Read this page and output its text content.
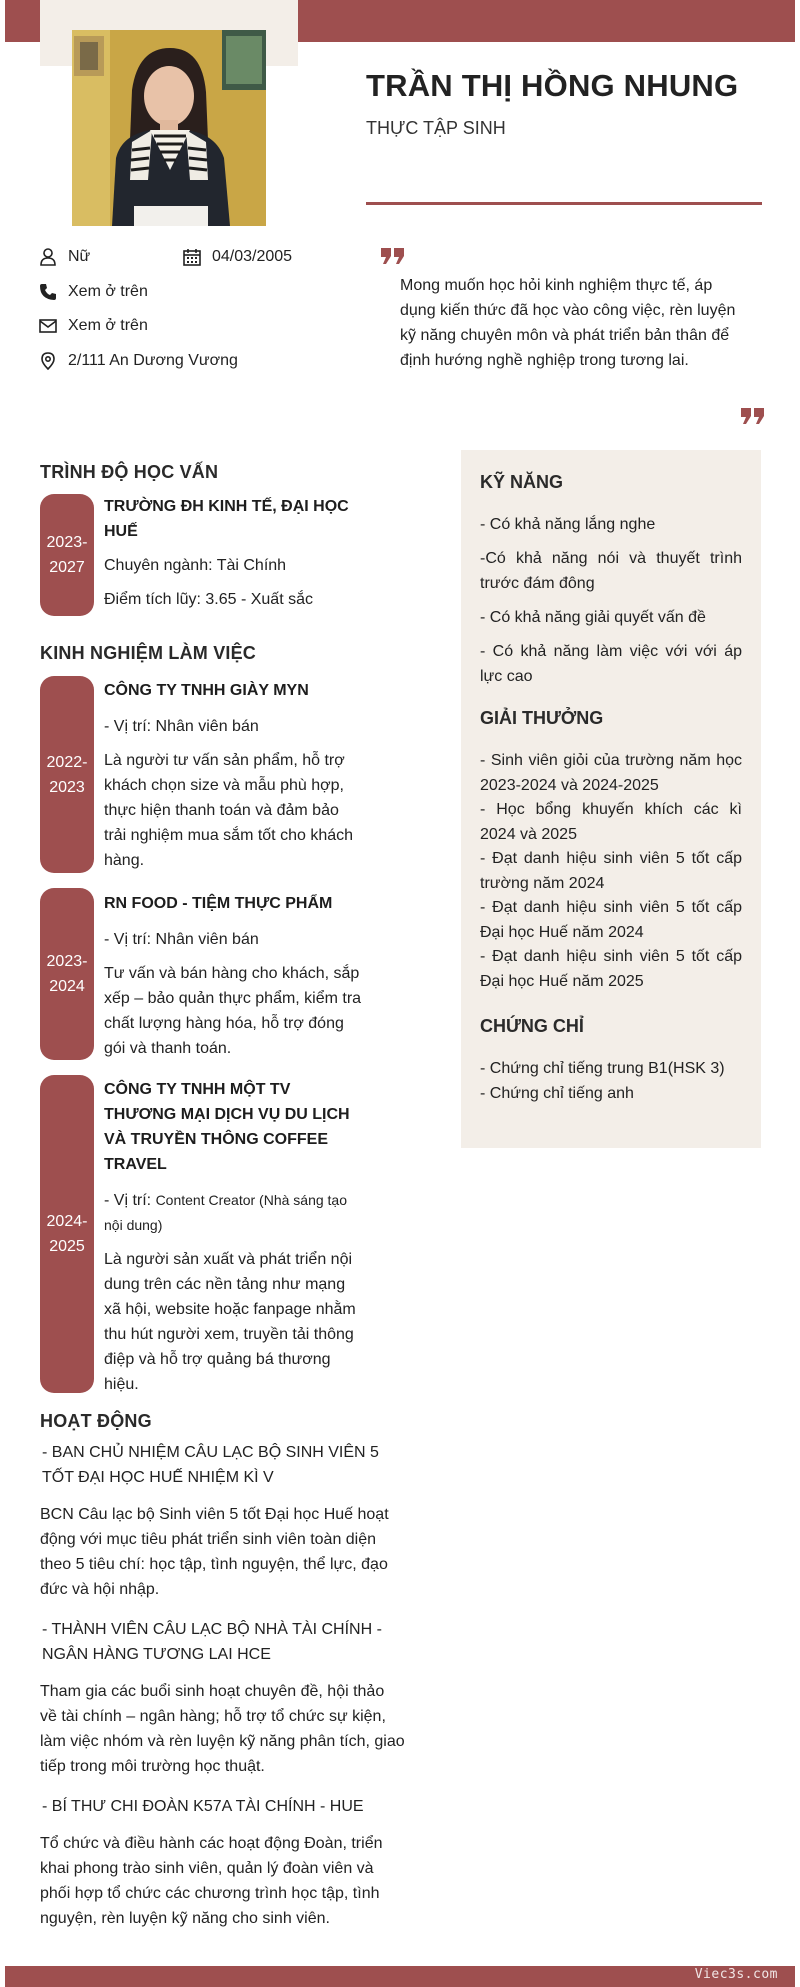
Viec3s.com
TRẦN THỊ HỒNG NHUNG
THỰC TẬP SINH
Nữ	04/03/2005
Xem ở trên
Xem ở trên
2/111 An Dương Vương
Mong muốn học hỏi kinh nghiệm thực tế, áp dụng kiến thức đã học vào công việc, rèn luyện kỹ năng chuyên môn và phát triển bản thân để định hướng nghề nghiệp trong tương lai.
TRÌNH ĐỘ HỌC VẤN
2023-
2027

TRƯỜNG ĐH KINH TẾ, ĐẠI HỌC HUẾ

Chuyên ngành: Tài Chính

Điểm tích lũy: 3.65 - Xuất sắc

KINH NGHIỆM LÀM VIỆC
2022-
2023

CÔNG TY TNHH GIÀY MYN

- Vị trí: Nhân viên bán

Là người tư vấn sản phẩm, hỗ trợ khách chọn size và mẫu phù hợp, thực hiện thanh toán và đảm bảo trải nghiệm mua sắm tốt cho khách hàng.

2023-
2024

RN FOOD - TIỆM THỰC PHẨM

- Vị trí: Nhân viên bán

Tư vấn và bán hàng cho khách, sắp xếp – bảo quản thực phẩm, kiểm tra chất lượng hàng hóa, hỗ trợ đóng gói và thanh toán.

2024-
2025

CÔNG TY TNHH MỘT TV THƯƠNG MẠI DỊCH VỤ DU LỊCH VÀ TRUYỀN THÔNG COFFEE TRAVEL

- Vị trí: Content Creator (Nhà sáng tạo nội dung)

Là người sản xuất và phát triển nội dung trên các nền tảng như mạng xã hội, website hoặc fanpage nhằm thu hút người xem, truyền tải thông điệp và hỗ trợ quảng bá thương hiệu.

HOẠT ĐỘNG
- BAN CHỦ NHIỆM CÂU LẠC BỘ SINH VIÊN 5 TỐT ĐẠI HỌC HUẾ NHIỆM KÌ V
BCN Câu lạc bộ Sinh viên 5 tốt Đại học Huế hoạt động với mục tiêu phát triển sinh viên toàn diện theo 5 tiêu chí: học tập, tình nguyện, thể lực, đạo đức và hội nhập.
- THÀNH VIÊN CÂU LẠC BỘ NHÀ TÀI CHÍNH - NGÂN HÀNG TƯƠNG LAI HCE
Tham gia các buổi sinh hoạt chuyên đề, hội thảo về tài chính – ngân hàng; hỗ trợ tổ chức sự kiện, làm việc nhóm và rèn luyện kỹ năng phân tích, giao tiếp trong môi trường học thuật.
- BÍ THƯ CHI ĐOÀN K57A TÀI CHÍNH - HUE
Tổ chức và điều hành các hoạt động Đoàn, triển khai phong trào sinh viên, quản lý đoàn viên và phối hợp tổ chức các chương trình học tập, tình nguyện, rèn luyện kỹ năng cho sinh viên.
KỸ NĂNG
- Có khả năng lắng nghe
-Có khả năng nói và thuyết trình trước đám đông
- Có khả năng giải quyết vấn đề
- Có khả năng làm việc với với áp lực cao
GIẢI THƯỞNG
- Sinh viên giỏi của trường năm học 2023-2024 và 2024-2025
- Học bổng khuyến khích các kì 2024 và 2025
- Đạt danh hiệu sinh viên 5 tốt cấp trường năm 2024
- Đạt danh hiệu sinh viên 5 tốt cấp Đại học Huế năm 2024
- Đạt danh hiệu sinh viên 5 tốt cấp Đại học Huế năm 2025
CHỨNG CHỈ
- Chứng chỉ tiếng trung B1(HSK 3)
- Chứng chỉ tiếng anh
